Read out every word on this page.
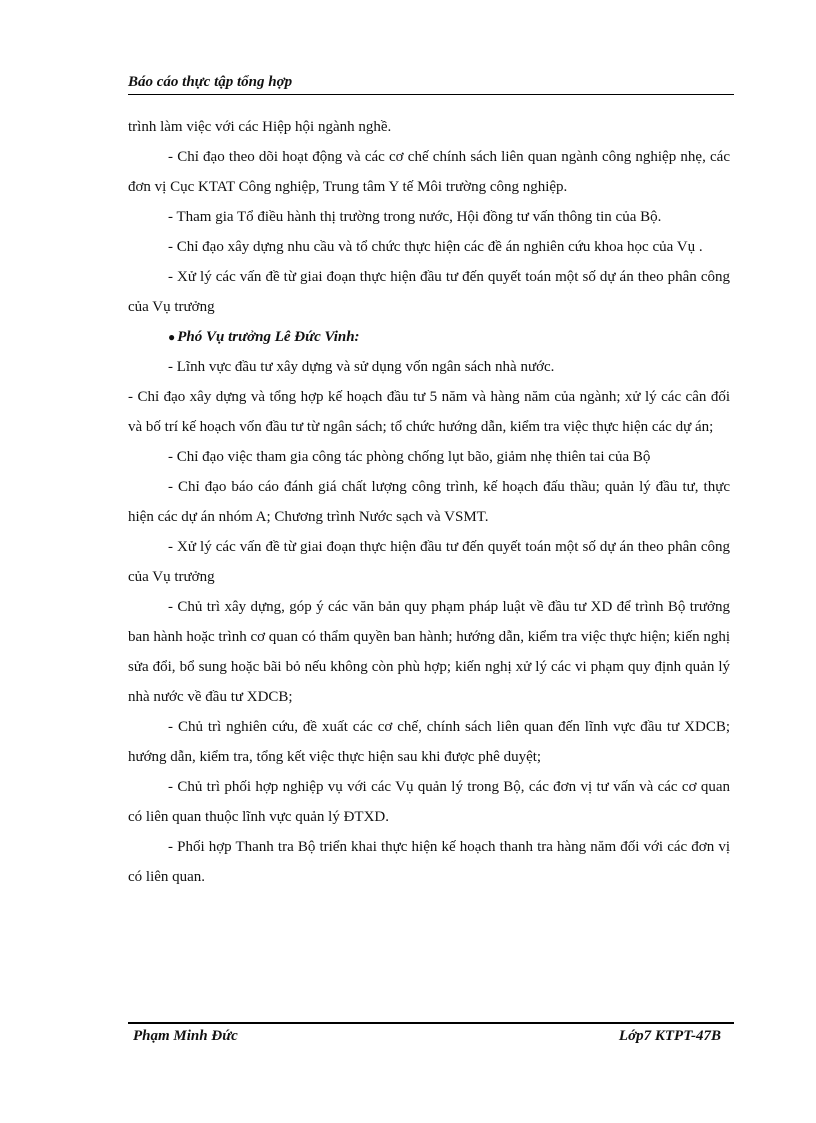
Báo cáo thực tập tổng hợp

trình làm việc với các Hiệp hội ngành nghề.

- Chỉ đạo theo dõi hoạt động và các cơ chế chính sách liên quan ngành công nghiệp nhẹ, các đơn vị Cục KTAT Công nghiệp, Trung tâm Y tế Môi trường công nghiệp.

- Tham gia Tổ điều hành thị trường trong nước, Hội đồng tư vấn thông tin của Bộ.

- Chỉ đạo xây dựng nhu cầu và tổ chức thực hiện các đề án nghiên cứu khoa học của Vụ .

- Xử lý các vấn đề từ giai đoạn thực hiện đầu tư đến quyết toán một số dự án theo phân công của Vụ trưởng

● Phó Vụ trưởng Lê Đức Vinh:

- Lĩnh vực đầu tư xây dựng và sử dụng vốn ngân sách nhà nước.

- Chỉ đạo xây dựng và tổng hợp kế hoạch đầu tư 5 năm và hàng năm của ngành; xử lý các cân đối và bố trí kế hoạch vốn đầu tư từ ngân sách; tổ chức hướng dẫn, kiểm tra việc thực hiện các dự án;

- Chỉ đạo việc tham gia công tác phòng chống lụt bão, giảm nhẹ thiên tai của Bộ

- Chỉ đạo báo cáo đánh giá chất lượng công trình, kế hoạch đấu thầu; quản lý đầu tư, thực hiện các dự án nhóm A; Chương trình Nước sạch và VSMT.

- Xử lý các vấn đề từ giai đoạn thực hiện đầu tư đến quyết toán một số dự án theo phân công của Vụ trưởng

- Chủ trì xây dựng, góp ý các văn bản quy phạm pháp luật về đầu tư XD để trình Bộ trưởng ban hành hoặc trình cơ quan có thẩm quyền ban hành; hướng dẫn, kiểm tra việc thực hiện; kiến nghị sửa đổi, bổ sung hoặc bãi bỏ nếu không còn phù hợp; kiến nghị xử lý các vi phạm quy định quản lý nhà nước về đầu tư XDCB;

- Chủ trì nghiên cứu, đề xuất các cơ chế, chính sách liên quan đến lĩnh vực đầu tư XDCB; hướng dẫn, kiểm tra, tổng kết việc thực hiện sau khi được phê duyệt;

- Chủ trì phối hợp nghiệp vụ với các Vụ quản lý trong Bộ, các đơn vị tư vấn và các cơ quan có liên quan thuộc lĩnh vực quản lý ĐTXD.

- Phối hợp Thanh tra Bộ triển khai thực hiện kế hoạch thanh tra hàng năm đối với các đơn vị có liên quan.

Phạm Minh Đức	Lớp7 KTPT-47B
